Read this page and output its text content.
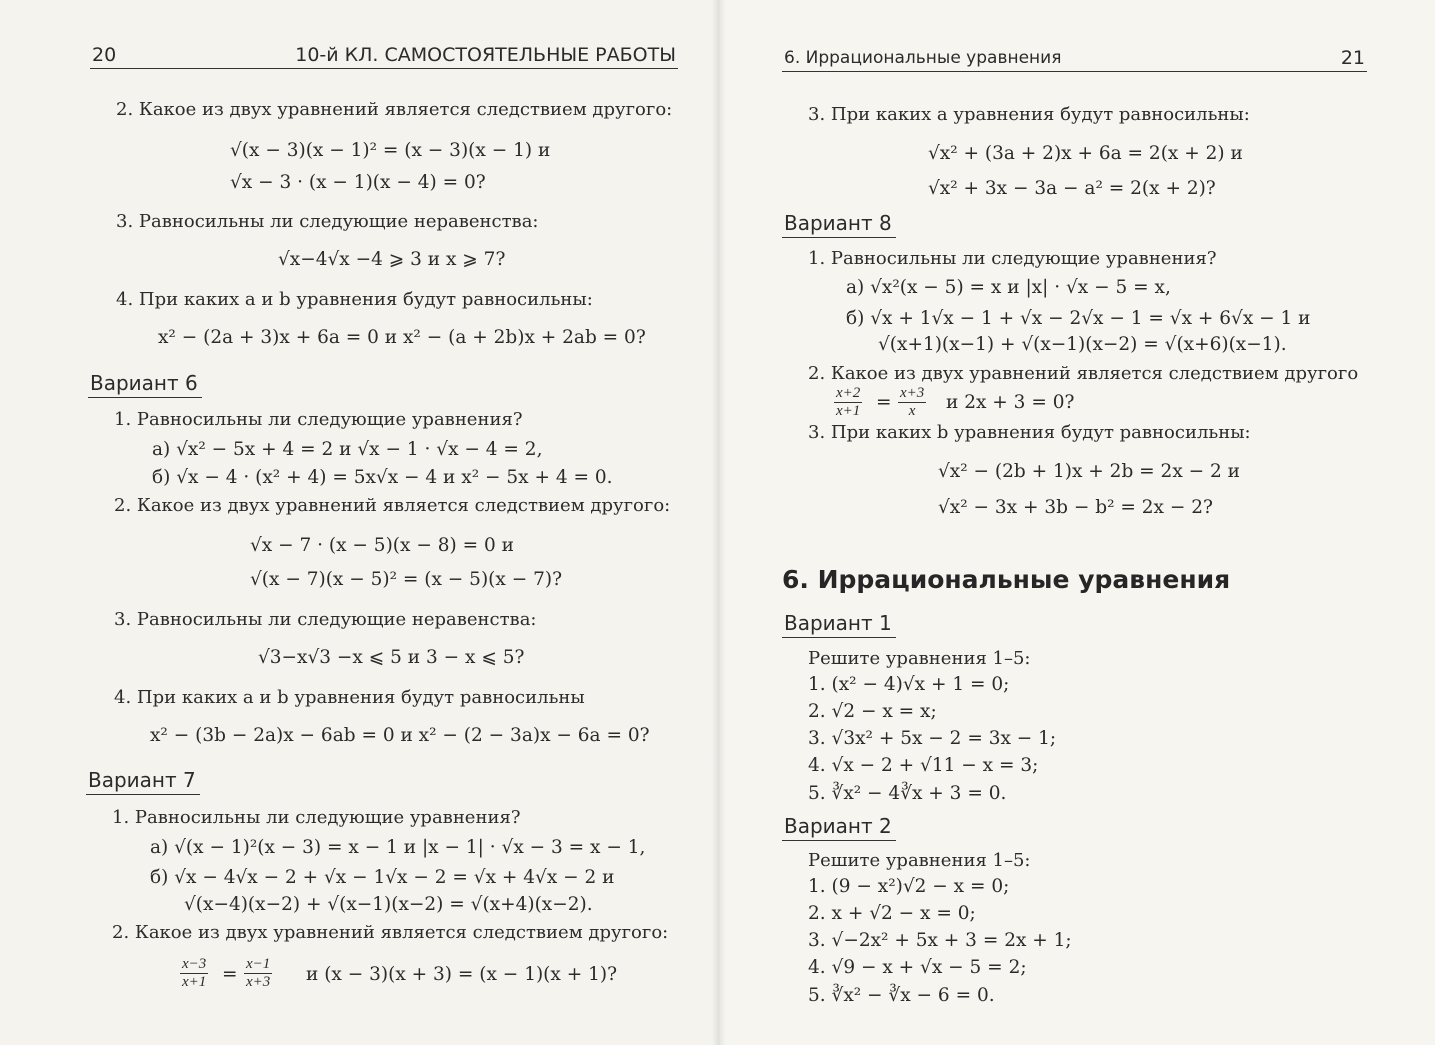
20	10-й КЛ. САМОСТОЯТЕЛЬНЫЕ РАБОТЫ
2. Какое из двух уравнений является следствием другого:
√(x − 3)(x − 1)² = (x − 3)(x − 1) и
√x − 3 · (x − 1)(x − 4) = 0?
3. Равносильны ли следующие неравенства:
√x−4√x −4 ⩾ 3 и x ⩾ 7?
4. При каких a и b уравнения будут равносильны:
x² − (2a + 3)x + 6a = 0 и x² − (a + 2b)x + 2ab = 0?
Вариант 6
1. Равносильны ли следующие уравнения?
а) √x² − 5x + 4 = 2 и √x − 1 · √x − 4 = 2,
б) √x − 4 · (x² + 4) = 5x√x − 4 и x² − 5x + 4 = 0.
2. Какое из двух уравнений является следствием другого:
√x − 7 · (x − 5)(x − 8) = 0 и
√(x − 7)(x − 5)² = (x − 5)(x − 7)?
3. Равносильны ли следующие неравенства:
√3−x√3 −x ⩽ 5 и 3 − x ⩽ 5?
4. При каких a и b уравнения будут равносильны
x² − (3b − 2a)x − 6ab = 0 и x² − (2 − 3a)x − 6a = 0?
Вариант 7
1. Равносильны ли следующие уравнения?
а) √(x − 1)²(x − 3) = x − 1 и |x − 1| · √x − 3 = x − 1,
б) √x − 4√x − 2 + √x − 1√x − 2 = √x + 4√x − 2 и
√(x−4)(x−2) + √(x−1)(x−2) = √(x+4)(x−2).
2. Какое из двух уравнений является следствием другого:
$\frac{x-3}{x+1} = \frac{x-1}{x+3}$ и (x − 3)(x + 3) = (x − 1)(x + 1)?
6. Иррациональные уравнения	21
3. При каких a уравнения будут равносильны:
√x² + (3a + 2)x + 6a = 2(x + 2) и
√x² + 3x − 3a − a² = 2(x + 2)?
Вариант 8
1. Равносильны ли следующие уравнения?
а) √x²(x − 5) = x и |x| · √x − 5 = x,
б) √x + 1√x − 1 + √x − 2√x − 1 = √x + 6√x − 1 и
√(x+1)(x−1) + √(x−1)(x−2) = √(x+6)(x−1).
2. Какое из двух уравнений является следствием другого
$\frac{x+2}{x+1} = \frac{x+3}{x}$ и 2x + 3 = 0?
3. При каких b уравнения будут равносильны:
√x² − (2b + 1)x + 2b = 2x − 2 и
√x² − 3x + 3b − b² = 2x − 2?
6. Иррациональные уравнения
Вариант 1
Решите уравнения 1–5:
1. (x² − 4)√x + 1 = 0;
2. √2 − x = x;
3. √3x² + 5x − 2 = 3x − 1;
4. √x − 2 + √11 − x = 3;
5. ∛x² − 4∛x + 3 = 0.
Вариант 2
Решите уравнения 1–5:
1. (9 − x²)√2 − x = 0;
2. x + √2 − x = 0;
3. √−2x² + 5x + 3 = 2x + 1;
4. √9 − x + √x − 5 = 2;
5. ∛x² − ∛x − 6 = 0.
